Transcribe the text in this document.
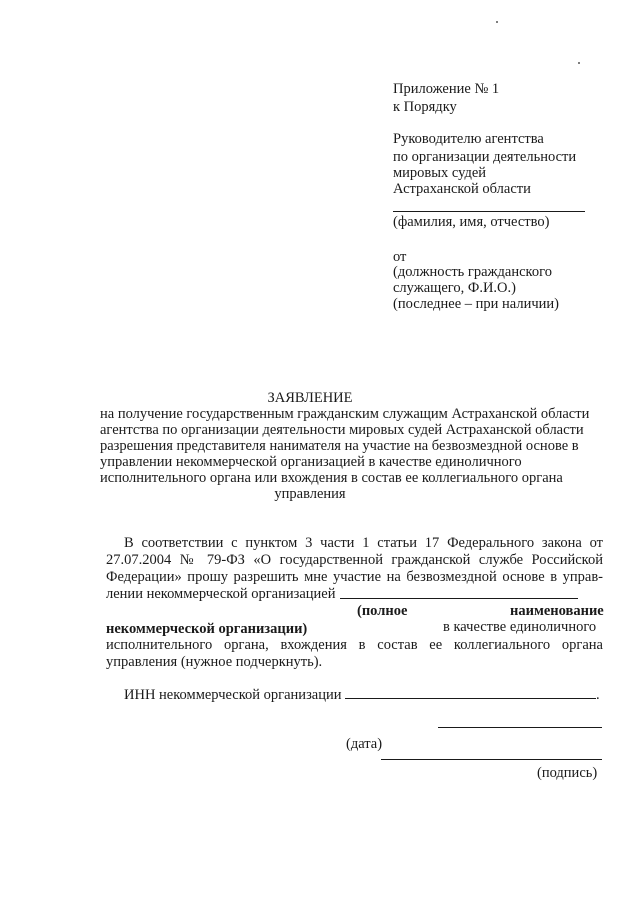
Приложение № 1
к Порядку
Руководителю агентства
по организации деятельности
мировых судей
Астраханской области
(фамилия, имя, отчество)
от
(должность гражданского
служащего, Ф.И.О.)
(последнее – при наличии)
ЗАЯВЛЕНИЕ
на получение государственным гражданским служащим Астраханской области
агентства по организации деятельности мировых судей Астраханской области
разрешения представителя нанимателя на участие на безвозмездной основе в
управлении некоммерческой организацией в качестве единоличного
исполнительного органа или вхождения в состав ее коллегиального органа
управления
В соответствии с пунктом 3 части 1 статьи 17 Федерального закона от
27.07.2004 № 79-ФЗ «О государственной гражданской службе Российской
Федерации» прошу разрешить мне участие на безвозмездной основе в управ-
лении некоммерческой организацией
(полное	наименование
некоммерческой организации)	в качестве единоличного
исполнительного органа, вхождения в состав ее коллегиального органа
управления (нужное подчеркнуть).
ИНН некоммерческой организации	.
(дата)
(подпись)
